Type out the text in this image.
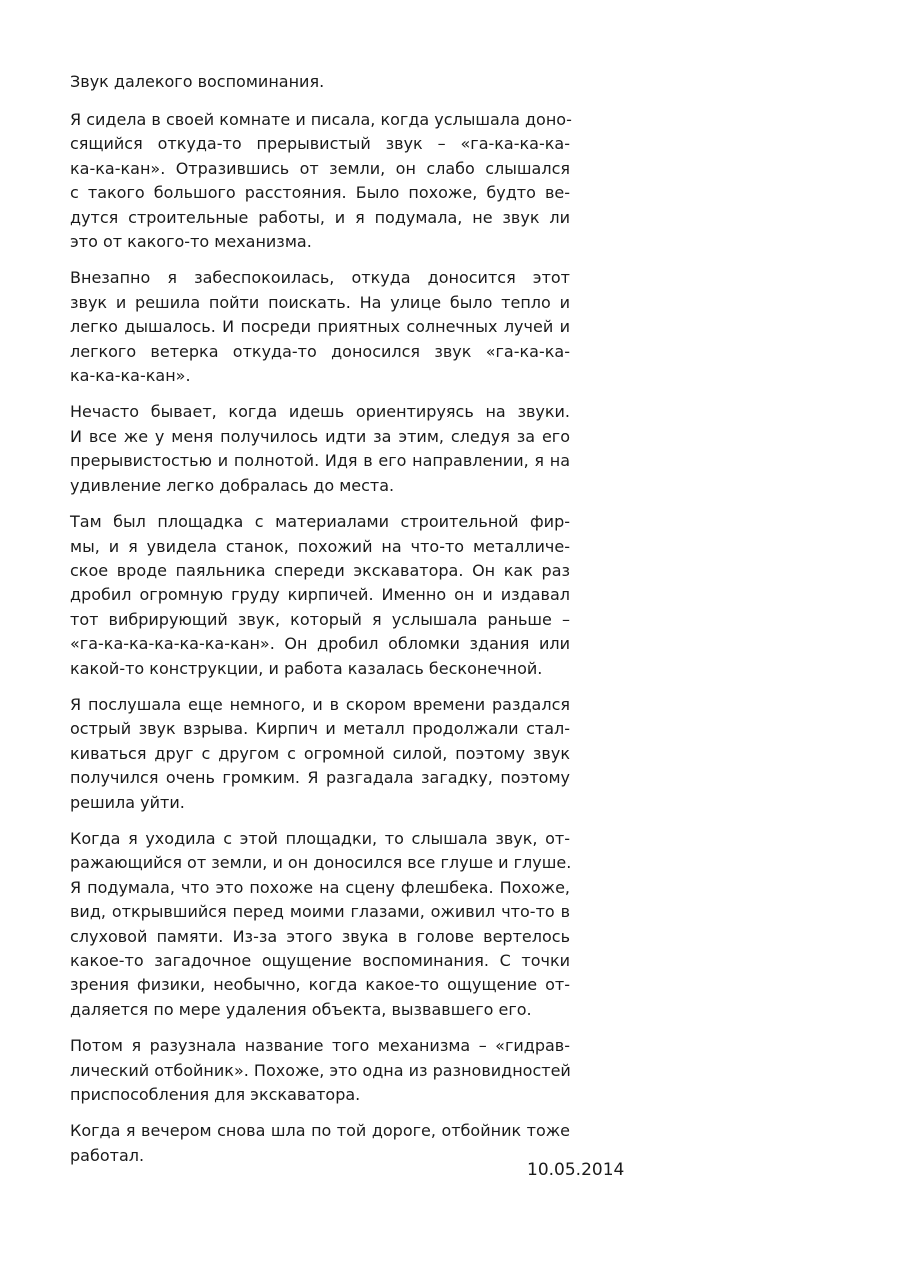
Звук далекого воспоминания.

Я сидела в своей комнате и писала, когда услышала доно-
сящийся откуда-то прерывистый звук – «га-ка-ка-ка-
ка-ка-кан». Отразившись от земли, он слабо слышался
с такого большого расстояния. Было похоже, будто ве-
дутся строительные работы, и я подумала, не звук ли
это от какого-то механизма.

Внезапно я забеспокоилась, откуда доносится этот
звук и решила пойти поискать. На улице было тепло и
легко дышалось. И посреди приятных солнечных лучей и
легкого ветерка откуда-то доносился звук «га-ка-ка-
ка-ка-ка-кан».

Нечасто бывает, когда идешь ориентируясь на звуки.
И все же у меня получилось идти за этим, следуя за его
прерывистостью и полнотой. Идя в его направлении, я на
удивление легко добралась до места.

Там был площадка с материалами строительной фир-
мы, и я увидела станок, похожий на что-то металличе-
ское вроде паяльника спереди экскаватора. Он как раз
дробил огромную груду кирпичей. Именно он и издавал
тот вибрирующий звук, который я услышала раньше –
«га-ка-ка-ка-ка-ка-кан». Он дробил обломки здания или
какой-то конструкции, и работа казалась бесконечной.

Я послушала еще немного, и в скором времени раздался
острый звук взрыва. Кирпич и металл продолжали стал-
киваться друг с другом с огромной силой, поэтому звук
получился очень громким. Я разгадала загадку, поэтому
решила уйти.

Когда я уходила с этой площадки, то слышала звук, от-
ражающийся от земли, и он доносился все глуше и глуше.
Я подумала, что это похоже на сцену флешбека. Похоже,
вид, открывшийся перед моими глазами, оживил что-то в
слуховой памяти. Из-за этого звука в голове вертелось
какое-то загадочное ощущение воспоминания. С точки
зрения физики, необычно, когда какое-то ощущение от-
даляется по мере удаления объекта, вызвавшего его.

Потом я разузнала название того механизма – «гидрав-
лический отбойник». Похоже, это одна из разновидностей
приспособления для экскаватора.

Когда я вечером снова шла по той дороге, отбойник тоже
работал.

10.05.2014
